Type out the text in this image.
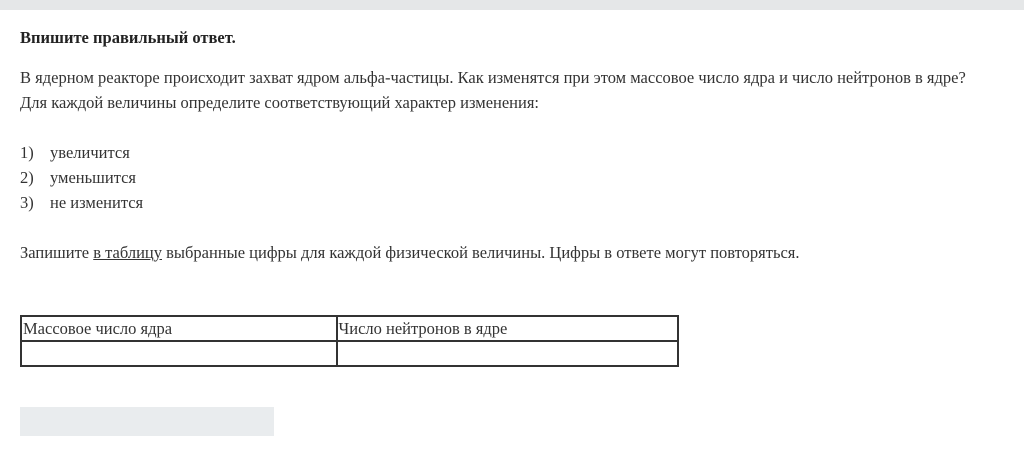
Впишите правильный ответ.

В ядерном реакторе происходит захват ядром альфа-частицы. Как изменятся при этом массовое число ядра и число нейтронов в ядре?

Для каждой величины определите соответствующий характер изменения:

1) увеличится
2) уменьшится
3) не изменится

Запишите в таблицу выбранные цифры для каждой физической величины. Цифры в ответе могут повторяться.

Массовое число ядра	Число нейтронов в ядре
